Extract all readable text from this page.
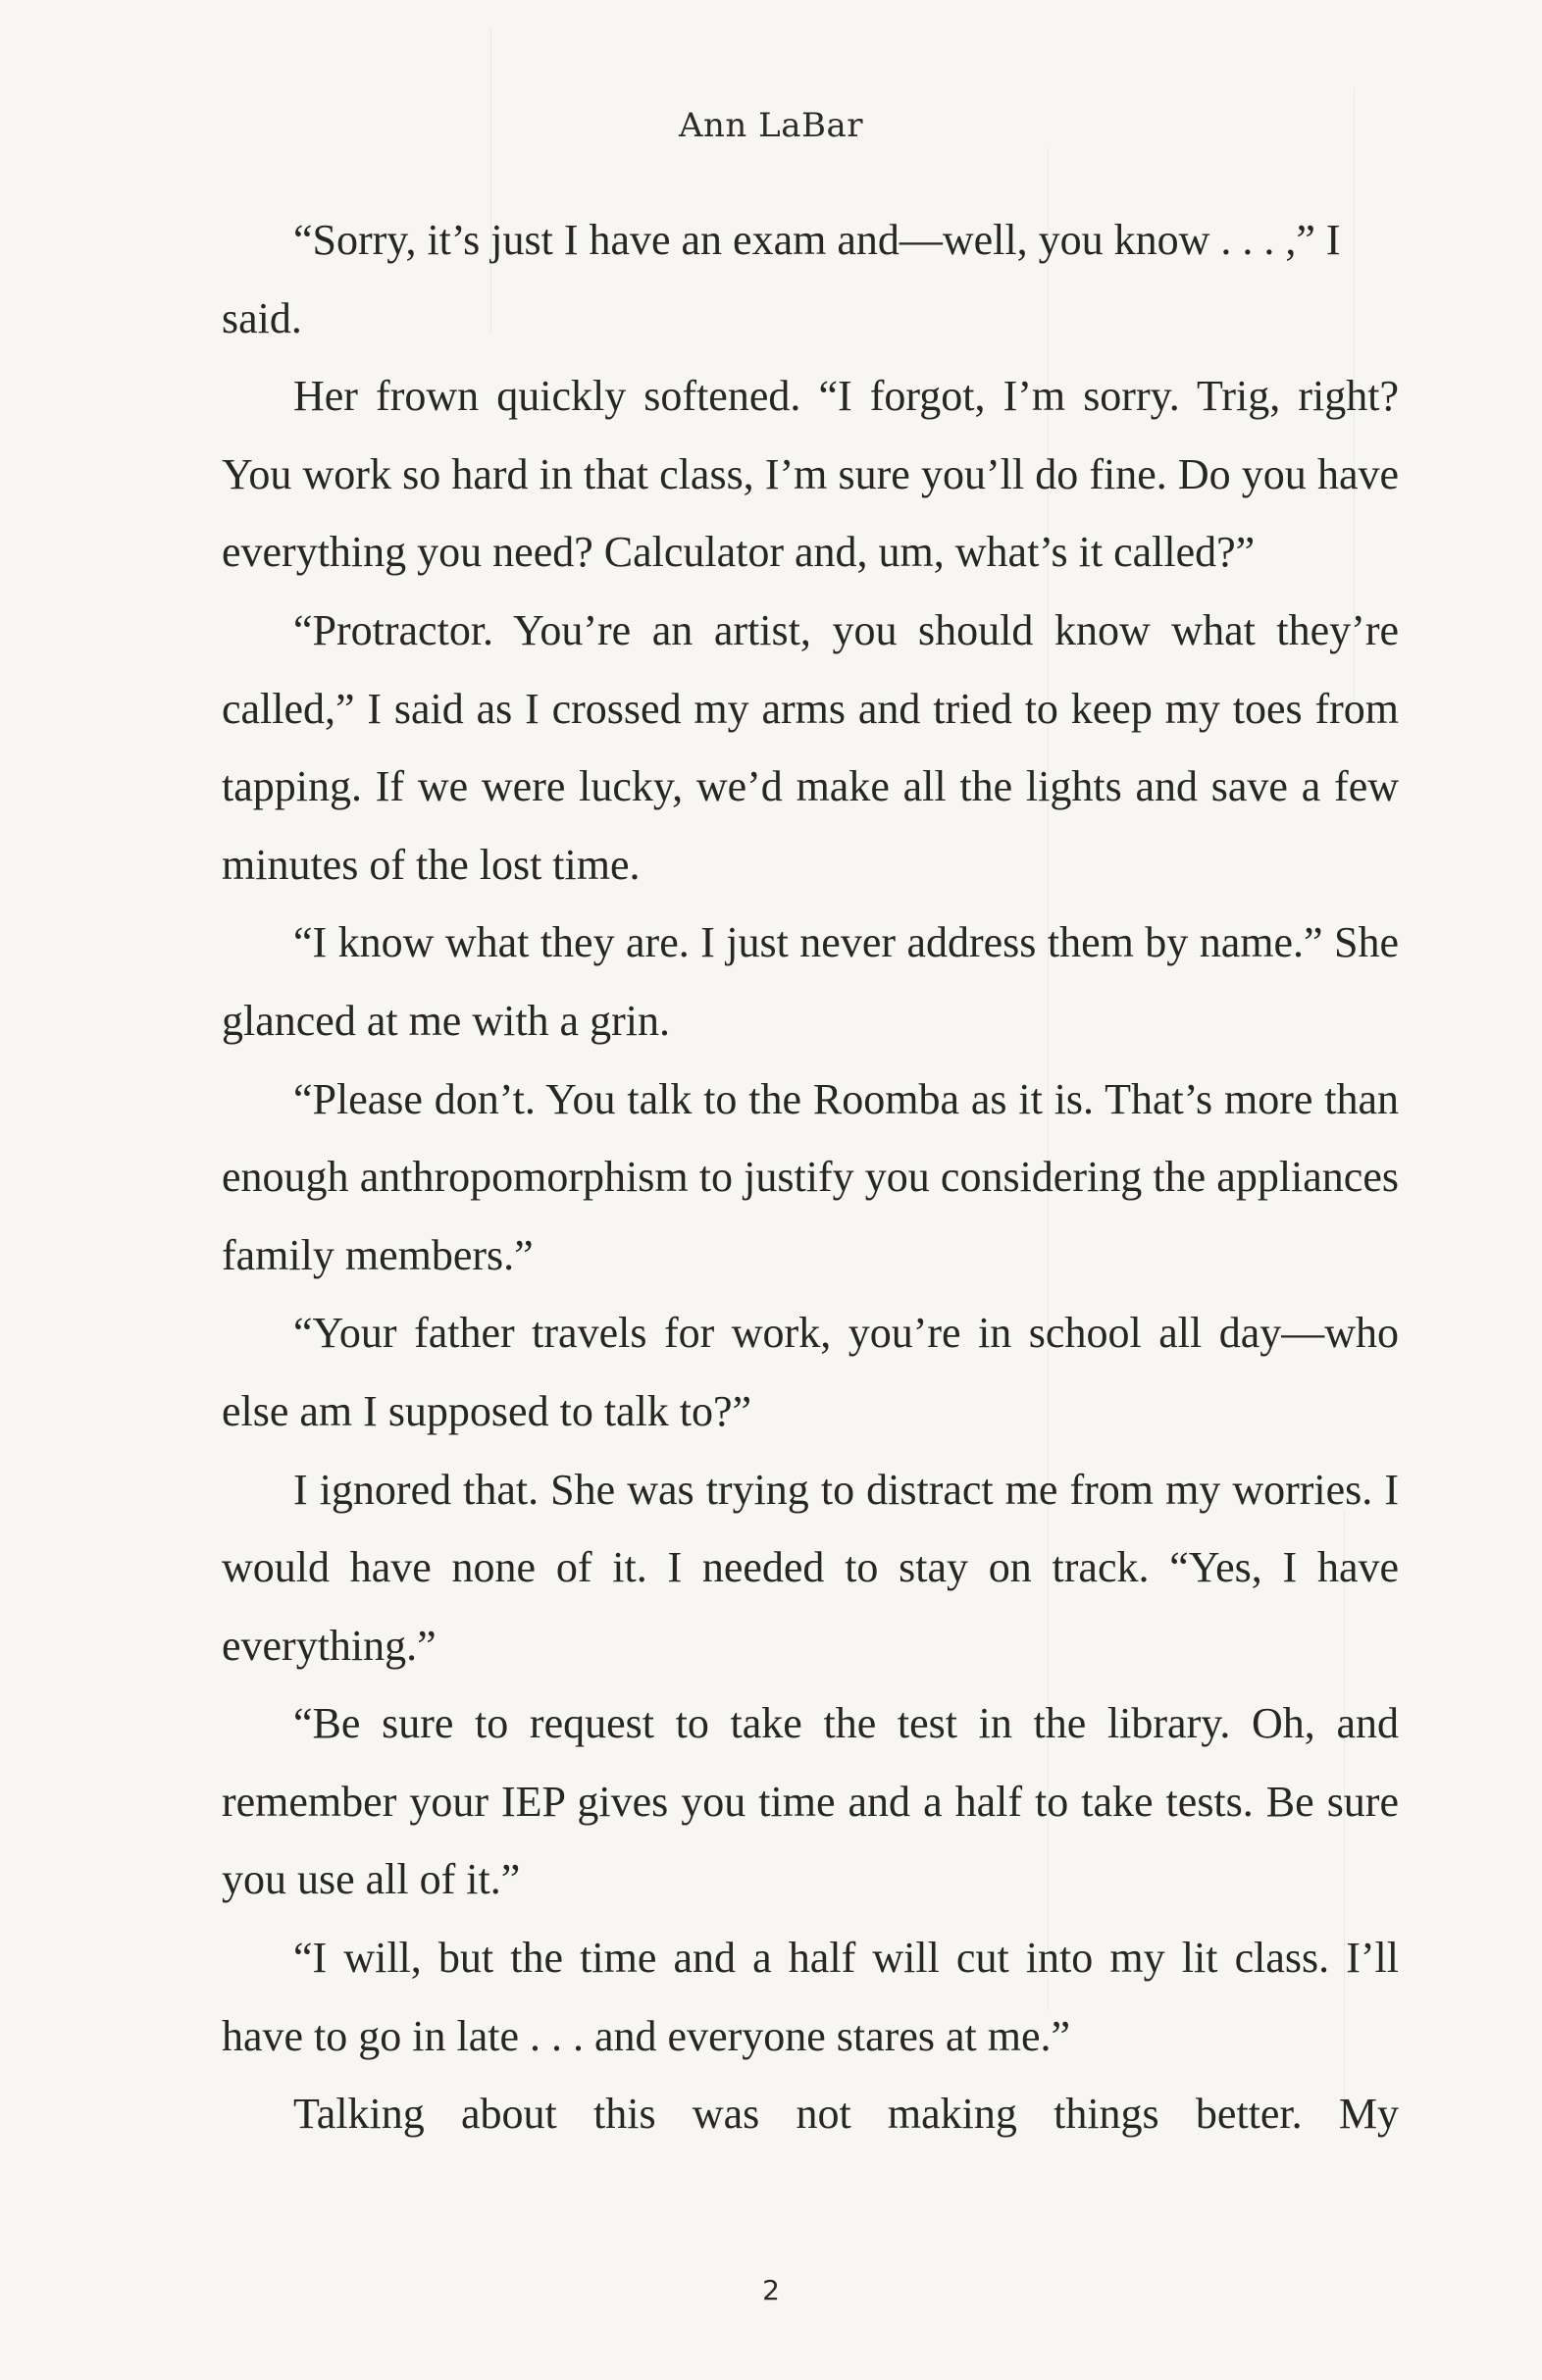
Ann LaBar

“Sorry, it’s just I have an exam and—well, you know . . . ,” I said.

Her frown quickly softened. “I forgot, I’m sorry. Trig, right? You work so hard in that class, I’m sure you’ll do fine. Do you have everything you need? Calculator and, um, what’s it called?”

“Protractor. You’re an artist, you should know what they’re called,” I said as I crossed my arms and tried to keep my toes from tapping. If we were lucky, we’d make all the lights and save a few minutes of the lost time.

“I know what they are. I just never address them by name.” She glanced at me with a grin.

“Please don’t. You talk to the Roomba as it is. That’s more than enough anthropomorphism to justify you considering the appliances family members.”

“Your father travels for work, you’re in school all day—who else am I supposed to talk to?”

I ignored that. She was trying to distract me from my worries. I would have none of it. I needed to stay on track. “Yes, I have everything.”

“Be sure to request to take the test in the library. Oh, and remember your IEP gives you time and a half to take tests. Be sure you use all of it.”

“I will, but the time and a half will cut into my lit class. I’ll have to go in late . . . and everyone stares at me.”

Talking about this was not making things better. My

2
